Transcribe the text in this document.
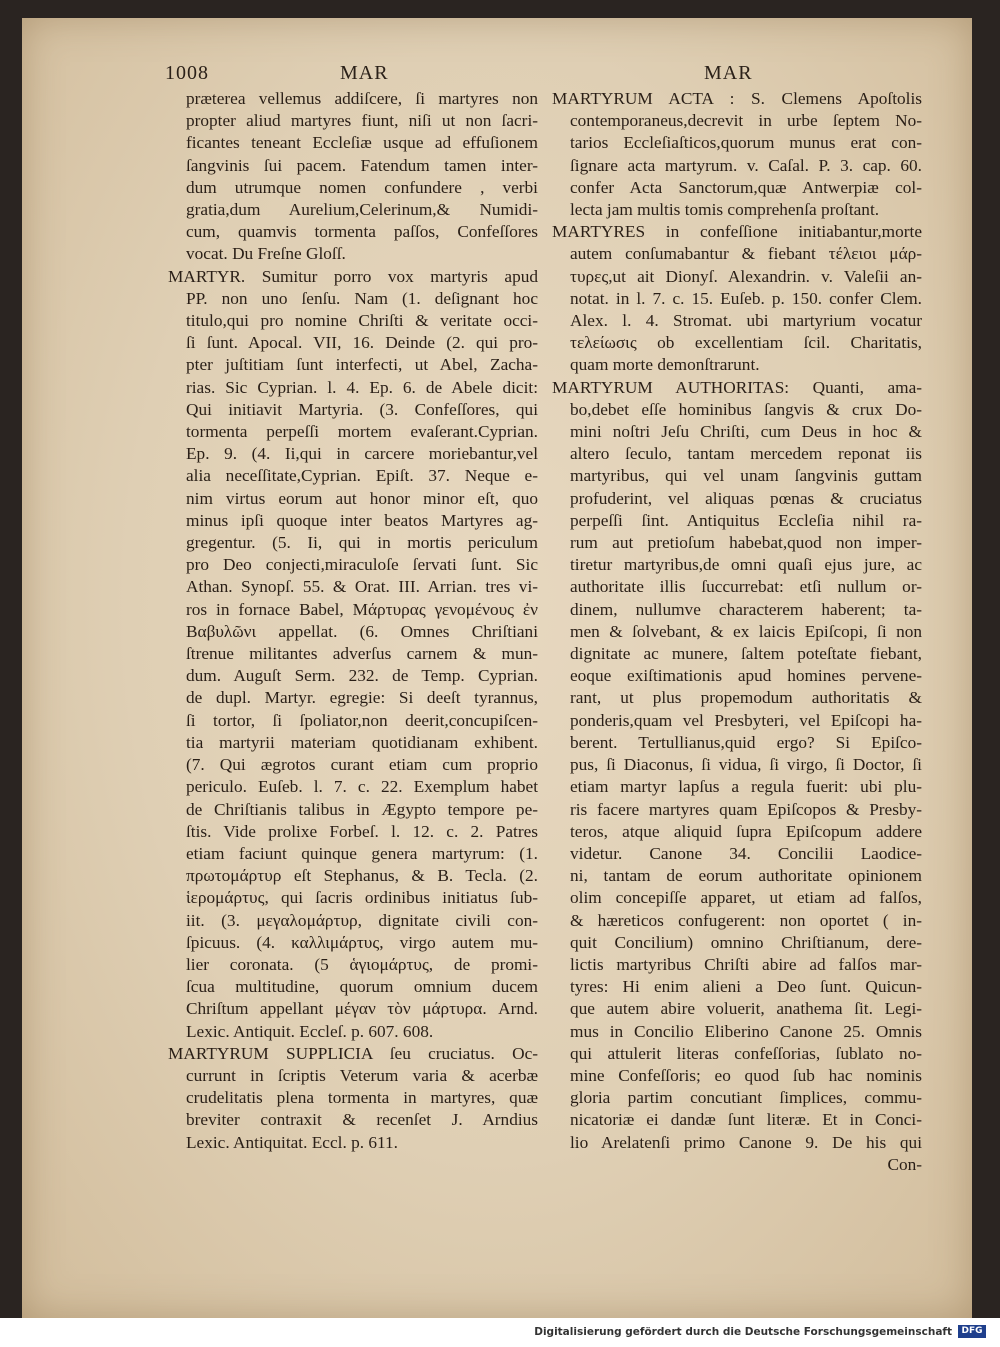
1008	MAR	MAR
præterea vellemus addiſcere, ſi martyres non
propter aliud martyres fiunt, niſi ut non ſacri-
ficantes teneant Eccleſiæ usque ad effuſionem
ſangvinis ſui pacem. Fatendum tamen inter-
dum utrumque nomen confundere , verbi
gratia,dum Aurelium,Celerinum,& Numidi-
cum, quamvis tormenta paſſos, Confeſſores
vocat. Du Freſne Gloſſ.
MARTYR. Sumitur porro vox martyris apud
PP. non uno ſenſu. Nam (1. deſignant hoc
titulo,qui pro nomine Chriſti & veritate occi-
ſi ſunt. Apocal. VII, 16. Deinde (2. qui pro-
pter juſtitiam ſunt interfecti, ut Abel, Zacha-
rias. Sic Cyprian. l. 4. Ep. 6. de Abele dicit:
Qui initiavit Martyria. (3. Confeſſores, qui
tormenta perpeſſi mortem evaſerant.Cyprian.
Ep. 9. (4. Ii,qui in carcere moriebantur,vel
alia neceſſitate,Cyprian. Epiſt. 37. Neque e-
nim virtus eorum aut honor minor eſt, quo
minus ipſi quoque inter beatos Martyres ag-
gregentur. (5. Ii, qui in mortis periculum
pro Deo conjecti,miraculoſe ſervati ſunt. Sic
Athan. Synopſ. 55. & Orat. III. Arrian. tres vi-
ros in fornace Babel, Μάρτυρας γενομένους ἐν
Βαβυλῶνι appellat. (6. Omnes Chriſtiani
ſtrenue militantes adverſus carnem & mun-
dum. Auguſt Serm. 232. de Temp. Cyprian.
de dupl. Martyr. egregie: Si deeſt tyrannus,
ſi tortor, ſi ſpoliator,non deerit,concupiſcen-
tia martyrii materiam quotidianam exhibent.
(7. Qui ægrotos curant etiam cum proprio
periculo. Euſeb. l. 7. c. 22. Exemplum habet
de Chriſtianis talibus in Ægypto tempore pe-
ſtis. Vide prolixe Forbeſ. l. 12. c. 2. Patres
etiam faciunt quinque genera martyrum: (1.
πρωτομάρτυρ eſt Stephanus, & B. Tecla. (2.
ἱερομάρτυς, qui ſacris ordinibus initiatus ſub-
iit. (3. μεγαλομάρτυρ, dignitate civili con-
ſpicuus. (4. καλλιμάρτυς, virgo autem mu-
lier coronata. (5 ἁγιομάρτυς, de promi-
ſcua multitudine, quorum omnium ducem
Chriſtum appellant μέγαν τὸν μάρτυρα. Arnd.
Lexic. Antiquit. Eccleſ. p. 607. 608.
MARTYRUM SUPPLICIA ſeu cruciatus. Oc-
currunt in ſcriptis Veterum varia & acerbæ
crudelitatis plena tormenta in martyres, quæ
breviter contraxit & recenſet J. Arndius
Lexic. Antiquitat. Eccl. p. 611.
MARTYRUM ACTA : S. Clemens Apoſtolis
contemporaneus,decrevit in urbe ſeptem No-
tarios Eccleſiaſticos,quorum munus erat con-
ſignare acta martyrum. v. Caſal. P. 3. cap. 60.
confer Acta Sanctorum,quæ Antwerpiæ col-
lecta jam multis tomis comprehenſa proſtant.
MARTYRES in confeſſione initiabantur,morte
autem conſumabantur & fiebant τέλειοι μάρ-
τυρες,ut ait Dionyſ. Alexandrin. v. Valeſii an-
notat. in l. 7. c. 15. Euſeb. p. 150. confer Clem.
Alex. l. 4. Stromat. ubi martyrium vocatur
τελείωσις ob excellentiam ſcil. Charitatis,
quam morte demonſtrarunt.
MARTYRUM AUTHORITAS: Quanti, ama-
bo,debet eſſe hominibus ſangvis & crux Do-
mini noſtri Jeſu Chriſti, cum Deus in hoc &
altero ſeculo, tantam mercedem reponat iis
martyribus, qui vel unam ſangvinis guttam
profuderint, vel aliquas pœnas & cruciatus
perpeſſi ſint. Antiquitus Eccleſia nihil ra-
rum aut pretioſum habebat,quod non imper-
tiretur martyribus,de omni quaſi ejus jure, ac
authoritate illis ſuccurrebat: etſi nullum or-
dinem, nullumve characterem haberent; ta-
men & ſolvebant, & ex laicis Epiſcopi, ſi non
dignitate ac munere, ſaltem poteſtate fiebant,
eoque exiſtimationis apud homines pervene-
rant, ut plus propemodum authoritatis &
ponderis,quam vel Presbyteri, vel Epiſcopi ha-
berent. Tertullianus,quid ergo? Si Epiſco-
pus, ſi Diaconus, ſi vidua, ſi virgo, ſi Doctor, ſi
etiam martyr lapſus a regula fuerit: ubi plu-
ris facere martyres quam Epiſcopos & Presby-
teros, atque aliquid ſupra Epiſcopum addere
videtur. Canone 34. Concilii Laodice-
ni, tantam de eorum authoritate opinionem
olim concepiſſe apparet, ut etiam ad falſos,
& hæreticos confugerent: non oportet ( in-
quit Concilium) omnino Chriſtianum, dere-
lictis martyribus Chriſti abire ad falſos mar-
tyres: Hi enim alieni a Deo ſunt. Quicun-
que autem abire voluerit, anathema ſit. Legi-
mus in Concilio Eliberino Canone 25. Omnis
qui attulerit literas confeſſorias, ſublato no-
mine Confeſſoris; eo quod ſub hac nominis
gloria partim concutiant ſimplices, commu-
nicatoriæ ei dandæ ſunt literæ. Et in Conci-
lio Arelatenſi primo Canone 9. De his qui
Con-
Digitalisierung gefördert durch die Deutsche Forschungsgemeinschaft	DFG
